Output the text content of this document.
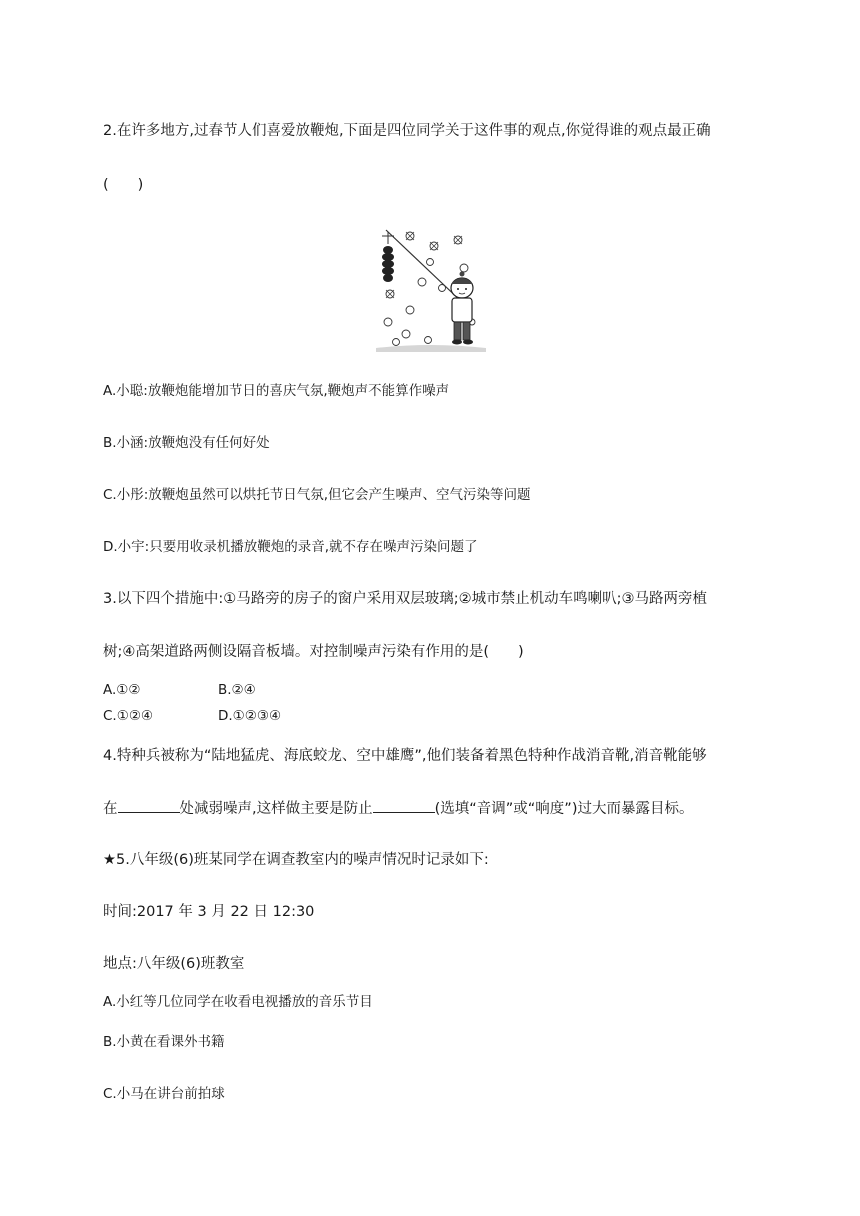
2.在许多地方,过春节人们喜爱放鞭炮,下面是四位同学关于这件事的观点,你觉得谁的观点最正确

(　　)

A.小聪:放鞭炮能增加节日的喜庆气氛,鞭炮声不能算作噪声

B.小涵:放鞭炮没有任何好处

C.小彤:放鞭炮虽然可以烘托节日气氛,但它会产生噪声、空气污染等问题

D.小宇:只要用收录机播放鞭炮的录音,就不存在噪声污染问题了

3.以下四个措施中:①马路旁的房子的窗户采用双层玻璃;②城市禁止机动车鸣喇叭;③马路两旁植

树;④高架道路两侧设隔音板墙。对控制噪声污染有作用的是(　　)

A.①②	B.②④

C.①②④	D.①②③④

4.特种兵被称为“陆地猛虎、海底蛟龙、空中雄鹰”,他们装备着黑色特种作战消音靴,消音靴能够

在	处减弱噪声,这样做主要是防止	(选填“音调”或“响度”)过大而暴露目标。

★5.八年级(6)班某同学在调查教室内的噪声情况时记录如下:

时间:2017 年 3 月 22 日 12:30

地点:八年级(6)班教室

A.小红等几位同学在收看电视播放的音乐节目

B.小黄在看课外书籍

C.小马在讲台前拍球
